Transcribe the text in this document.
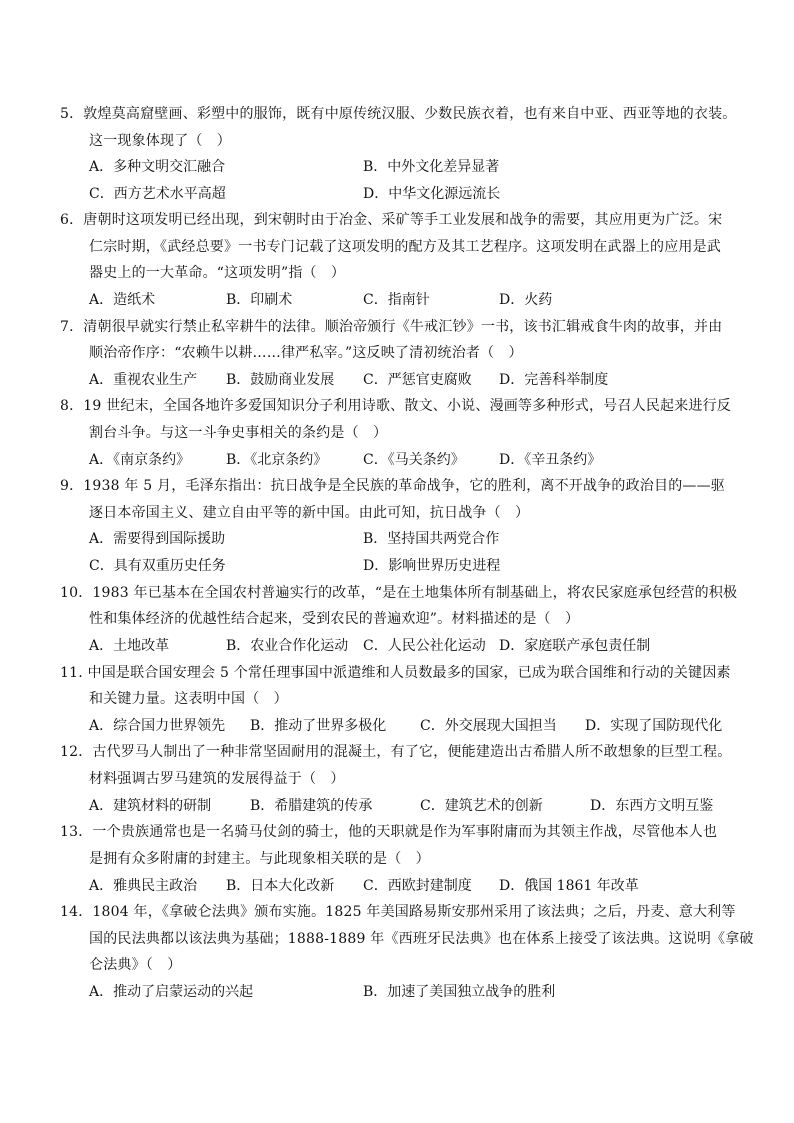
5．敦煌莫高窟壁画、彩塑中的服饰，既有中原传统汉服、少数民族衣着，也有来自中亚、西亚等地的衣装。
这一现象体现了（　）
A．多种文明交汇融合	B．中外文化差异显著
C．西方艺术水平高超	D．中华文化源远流长
6．唐朝时这项发明已经出现，到宋朝时由于冶金、采矿等手工业发展和战争的需要，其应用更为广泛。宋
仁宗时期，《武经总要》一书专门记载了这项发明的配方及其工艺程序。这项发明在武器上的应用是武
器史上的一大革命。“这项发明”指（　）
A．造纸术	B．印刷术	C．指南针	D．火药
7．清朝很早就实行禁止私宰耕牛的法律。顺治帝颁行《牛戒汇钞》一书，该书汇辑戒食牛肉的故事，并由
顺治帝作序：“农赖牛以耕……律严私宰。”这反映了清初统治者（　）
A．重视农业生产 B．鼓励商业发展 C．严惩官吏腐败 D．完善科举制度
8．19 世纪末，全国各地许多爱国知识分子利用诗歌、散文、小说、漫画等多种形式，号召人民起来进行反
割台斗争。与这一斗争史事相关的条约是（　）
A．《南京条约》	B．《北京条约》	C．《马关条约》 D．《辛丑条约》
9．1938 年 5 月，毛泽东指出：抗日战争是全民族的革命战争，它的胜利，离不开战争的政治目的——驱
逐日本帝国主义、建立自由平等的新中国。由此可知，抗日战争（　）
A．需要得到国际援助	B．坚持国共两党合作
C．具有双重历史任务	D．影响世界历史进程
10．1983 年已基本在全国农村普遍实行的改革，“是在土地集体所有制基础上，将农民家庭承包经营的积极
性和集体经济的优越性结合起来，受到农民的普遍欢迎”。材料描述的是（　）
A．土地改革	B．农业合作化运动 C．人民公社化运动 D．家庭联产承包责任制
11. 中国是联合国安理会 5 个常任理事国中派遣维和人员数最多的国家，已成为联合国维和行动的关键因素
和关键力量。这表明中国（　）
A．综合国力世界领先 B．推动了世界多极化 C．外交展现大国担当 D．实现了国防现代化
12．古代罗马人制出了一种非常坚固耐用的混凝土，有了它，便能建造出古希腊人所不敢想象的巨型工程。
材料强调古罗马建筑的发展得益于（　）
A．建筑材料的研制	B．希腊建筑的传承	C．建筑艺术的创新	D．东西方文明互鉴
13．一个贵族通常也是一名骑马仗剑的骑士，他的天职就是作为军事附庸而为其领主作战，尽管他本人也
是拥有众多附庸的封建主。与此现象相关联的是（　）
A．雅典民主政治 B．日本大化改新 C．西欧封建制度 D．俄国 1861 年改革
14．1804 年，《拿破仑法典》颁布实施。1825 年美国路易斯安那州采用了该法典；之后，丹麦、意大利等
国的民法典都以该法典为基础；1888-1889 年《西班牙民法典》也在体系上接受了该法典。这说明《拿破
仑法典》（　）
A．推动了启蒙运动的兴起	B．加速了美国独立战争的胜利
